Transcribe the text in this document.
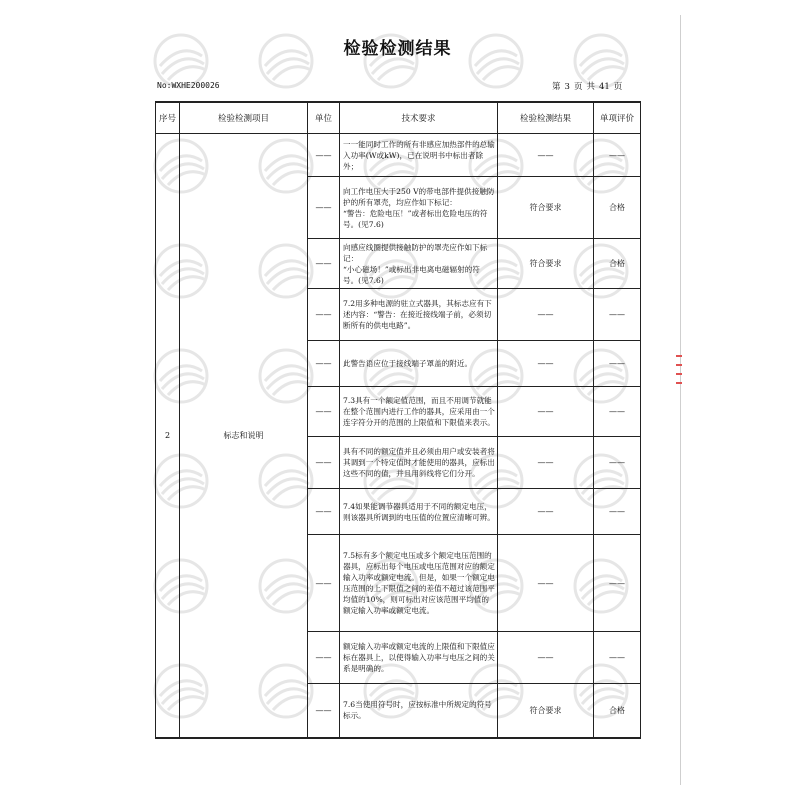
检验检测结果
No:WXHE200026	第 3 页 共 41 页
序号	检验检测项目	单位	技术要求	检验检测结果	单项评价
2	标志和说明	——	一一能同时工作的所有非感应加热部件的总输入功率(W或kW)，已在说明书中标出者除外；	——	——
		——	向工作电压大于250 V的带电部件提供接触防护的所有罩壳，均应作如下标记：
“警告：危险电压！”或者标出危险电压的符号。(见7.6)	符合要求	合格
		——	向感应线圈提供接触防护的罩壳应作如下标记：
“小心磁场！”或标出非电离电磁辐射的符号。(见7.6)	符合要求	合格
		——	7.2用多种电源的驻立式器具，其标志应有下述内容：“警告：在接近接线端子前，必须切断所有的供电电路”。	——	——
		——	此警告语应位于接线端子罩盖的附近。	——	——
		——	7.3具有一个额定值范围，而且不用调节就能在整个范围内进行工作的器具，应采用由一个连字符分开的范围的上限值和下限值来表示。	——	——
		——	具有不同的额定值并且必须由用户或安装者将其调到一个特定值时才能使用的器具，应标出这些不同的值，并且用斜线将它们分开。	——	——
		——	7.4如果能调节器具适用于不同的额定电压，则该器具所调到的电压值的位置应清晰可辨。	——	——
		——	7.5标有多个额定电压或多个额定电压范围的器具，应标出每个电压或电压范围对应的额定输入功率或额定电流。但是，如果一个额定电压范围的上下限值之间的差值不超过该范围平均值的10%，则可标出对应该范围平均值的额定输入功率或额定电流。	——	——
		——	额定输入功率或额定电流的上限值和下限值应标在器具上，以使得输入功率与电压之间的关系是明确的。	——	——
		——	7.6当使用符号时，应按标准中所规定的符号标示。	符合要求	合格
